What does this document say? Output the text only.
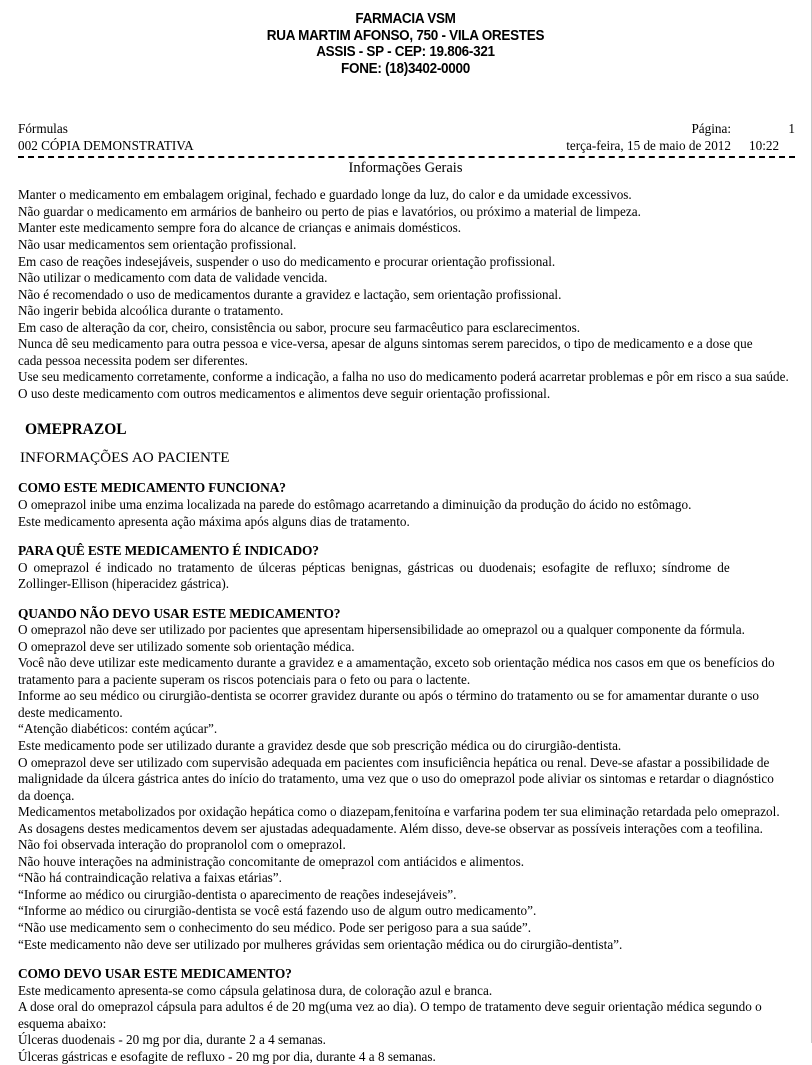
FARMACIA VSM
RUA MARTIM AFONSO, 750 - VILA ORESTES
ASSIS - SP - CEP: 19.806-321
FONE: (18)3402-0000
Fórmulas	Página:	1
002 CÓPIA DEMONSTRATIVA	terça-feira, 15 de maio de 2012	10:22
Informações Gerais

Manter o medicamento em embalagem original, fechado e guardado longe da luz, do calor e da umidade excessivos.

Não guardar o medicamento em armários de banheiro ou perto de pias e lavatórios, ou próximo a material de limpeza.

Manter este medicamento sempre fora do alcance de crianças e animais domésticos.

Não usar medicamentos sem orientação profissional.

Em caso de reações indesejáveis, suspender o uso do medicamento e procurar orientação profissional.

Não utilizar o medicamento com data de validade vencida.

Não é recomendado o uso de medicamentos durante a gravidez e lactação, sem orientação profissional.

Não ingerir bebida alcoólica durante o tratamento.

Em caso de alteração da cor, cheiro, consistência ou sabor, procure seu farmacêutico para esclarecimentos.

Nunca dê seu medicamento para outra pessoa e vice-versa, apesar de alguns sintomas serem parecidos, o tipo de medicamento e a dose que

cada pessoa necessita podem ser diferentes.

Use seu medicamento corretamente, conforme a indicação, a falha no uso do medicamento poderá acarretar problemas e pôr em risco a sua saúde.

O uso deste medicamento com outros medicamentos e alimentos deve seguir orientação profissional.

OMEPRAZOL
INFORMAÇÕES AO PACIENTE
COMO ESTE MEDICAMENTO FUNCIONA?

O omeprazol inibe uma enzima localizada na parede do estômago acarretando a diminuição da produção do ácido no estômago.

Este medicamento apresenta ação máxima após alguns dias de tratamento.

PARA QUÊ ESTE MEDICAMENTO É INDICADO?

O omeprazol é indicado no tratamento de úlceras pépticas benignas, gástricas ou duodenais; esofagite de refluxo; síndrome de

Zollinger-Ellison (hiperacidez gástrica).

QUANDO NÃO DEVO USAR ESTE MEDICAMENTO?

O omeprazol não deve ser utilizado por pacientes que apresentam hipersensibilidade ao omeprazol ou a qualquer componente da fórmula.

O omeprazol deve ser utilizado somente sob orientação médica.

Você não deve utilizar este medicamento durante a gravidez e a amamentação, exceto sob orientação médica nos casos em que os benefícios do

tratamento para a paciente superam os riscos potenciais para o feto ou para o lactente.

Informe ao seu médico ou cirurgião-dentista se ocorrer gravidez durante ou após o término do tratamento ou se for amamentar durante o uso

deste medicamento.

“Atenção diabéticos: contém açúcar”.

Este medicamento pode ser utilizado durante a gravidez desde que sob prescrição médica ou do cirurgião-dentista.

O omeprazol deve ser utilizado com supervisão adequada em pacientes com insuficiência hepática ou renal. Deve-se afastar a possibilidade de

malignidade da úlcera gástrica antes do início do tratamento, uma vez que o uso do omeprazol pode aliviar os sintomas e retardar o diagnóstico

da doença.

Medicamentos metabolizados por oxidação hepática como o diazepam,fenitoína e varfarina podem ter sua eliminação retardada pelo omeprazol.

As dosagens destes medicamentos devem ser ajustadas adequadamente. Além disso, deve-se observar as possíveis interações com a teofilina.

Não foi observada interação do propranolol com o omeprazol.

Não houve interações na administração concomitante de omeprazol com antiácidos e alimentos.

“Não há contraindicação relativa a faixas etárias”.

“Informe ao médico ou cirurgião-dentista o aparecimento de reações indesejáveis”.

“Informe ao médico ou cirurgião-dentista se você está fazendo uso de algum outro medicamento”.

“Não use medicamento sem o conhecimento do seu médico. Pode ser perigoso para a sua saúde”.

“Este medicamento não deve ser utilizado por mulheres grávidas sem orientação médica ou do cirurgião-dentista”.

COMO DEVO USAR ESTE MEDICAMENTO?

Este medicamento apresenta-se como cápsula gelatinosa dura, de coloração azul e branca.

A dose oral do omeprazol cápsula para adultos é de 20 mg(uma vez ao dia). O tempo de tratamento deve seguir orientação médica segundo o

esquema abaixo:

Úlceras duodenais - 20 mg por dia, durante 2 a 4 semanas.

Úlceras gástricas e esofagite de refluxo - 20 mg por dia, durante 4 a 8 semanas.
